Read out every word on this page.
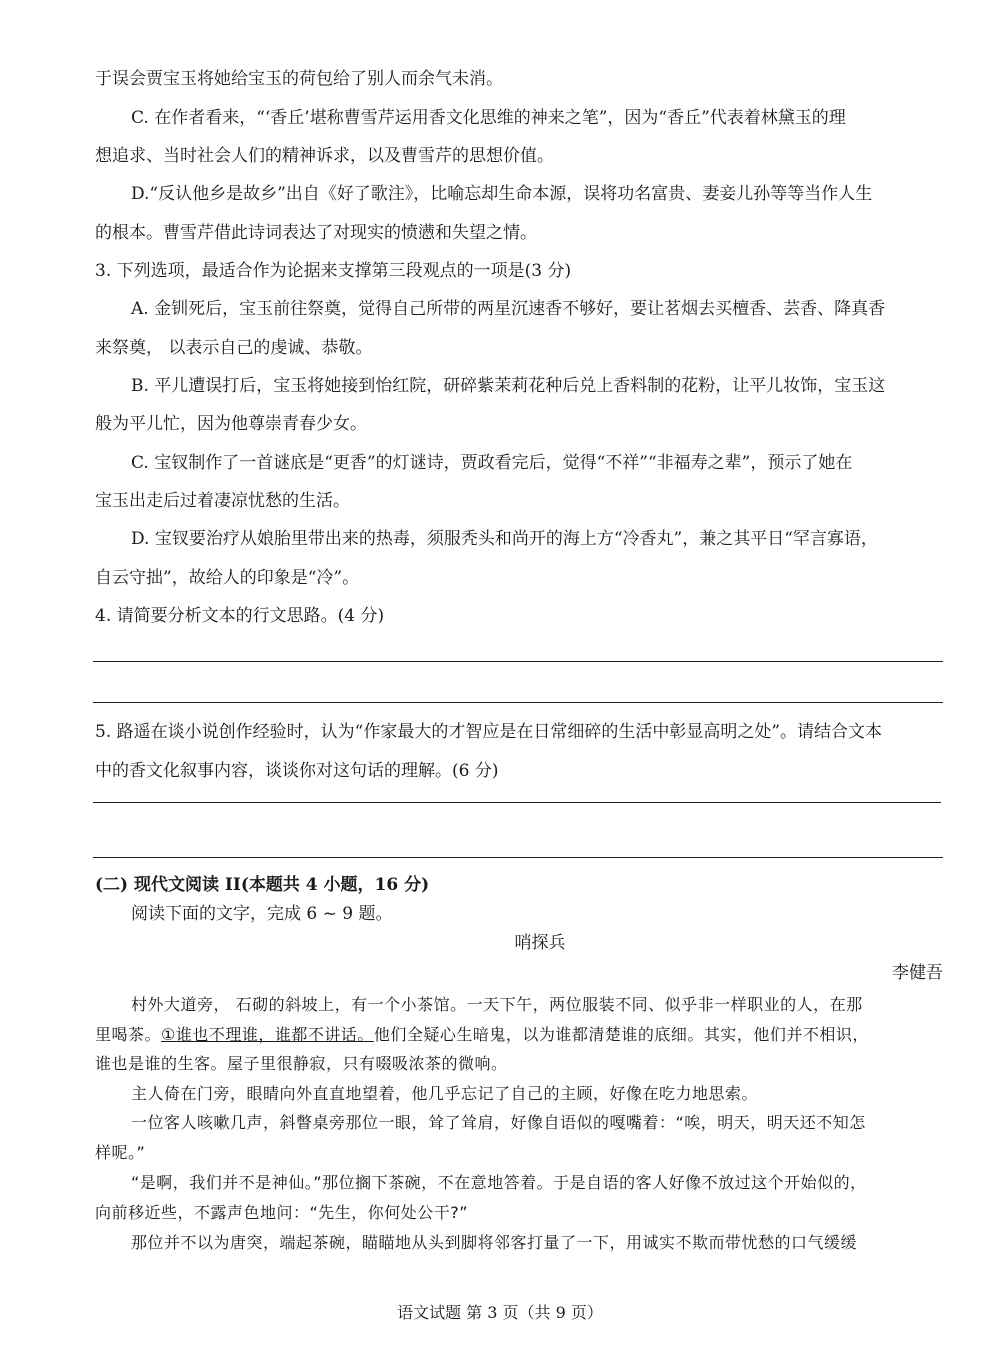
于误会贾宝玉将她给宝玉的荷包给了别人而余气未消。
C. 在作者看来，“‘香丘’堪称曹雪芹运用香文化思维的神来之笔”，因为“香丘”代表着林黛玉的理
想追求、当时社会人们的精神诉求，以及曹雪芹的思想价值。
D.“反认他乡是故乡”出自《好了歌注》，比喻忘却生命本源，误将功名富贵、妻妾儿孙等等当作人生
的根本。曹雪芹借此诗词表达了对现实的愤懑和失望之情。
3. 下列选项，最适合作为论据来支撑第三段观点的一项是(3 分)
A. 金钏死后，宝玉前往祭奠，觉得自己所带的两星沉速香不够好，要让茗烟去买檀香、芸香、降真香
来祭奠， 以表示自己的虔诚、恭敬。
B. 平儿遭误打后，宝玉将她接到怡红院，研碎紫茉莉花种后兑上香料制的花粉，让平儿妆饰，宝玉这
般为平儿忙，因为他尊崇青春少女。
C. 宝钗制作了一首谜底是“更香”的灯谜诗，贾政看完后，觉得“不祥”“非福寿之辈”，预示了她在
宝玉出走后过着凄凉忧愁的生活。
D. 宝钗要治疗从娘胎里带出来的热毒，须服秃头和尚开的海上方“冷香丸”，兼之其平日“罕言寡语，
自云守拙”，故给人的印象是“冷”。
4. 请简要分析文本的行文思路。(4 分)
5. 路遥在谈小说创作经验时，认为“作家最大的才智应是在日常细碎的生活中彰显高明之处”。请结合文本
中的香文化叙事内容，谈谈你对这句话的理解。(6 分)
(二) 现代文阅读 II(本题共 4 小题，16 分)
阅读下面的文字，完成 6 ~ 9 题。
哨探兵
李健吾
村外大道旁， 石砌的斜坡上，有一个小茶馆。一天下午，两位服装不同、似乎非一样职业的人，在那
里喝茶。①谁也不理谁，谁都不讲话。他们全疑心生暗鬼，以为谁都清楚谁的底细。其实，他们并不相识，
谁也是谁的生客。屋子里很静寂，只有啜吸浓茶的微响。
主人倚在门旁，眼睛向外直直地望着，他几乎忘记了自己的主顾，好像在吃力地思索。
一位客人咳嗽几声，斜瞥桌旁那位一眼，耸了耸肩，好像自语似的嘎嘴着：“唉，明天，明天还不知怎
样呢。”
“是啊，我们并不是神仙。”那位搁下茶碗，不在意地答着。于是自语的客人好像不放过这个开始似的，
向前移近些，不露声色地问：“先生，你何处公干?”
那位并不以为唐突，端起茶碗，瞄瞄地从头到脚将邻客打量了一下，用诚实不欺而带忧愁的口气缓缓
语文试题 第 3 页（共 9 页）
